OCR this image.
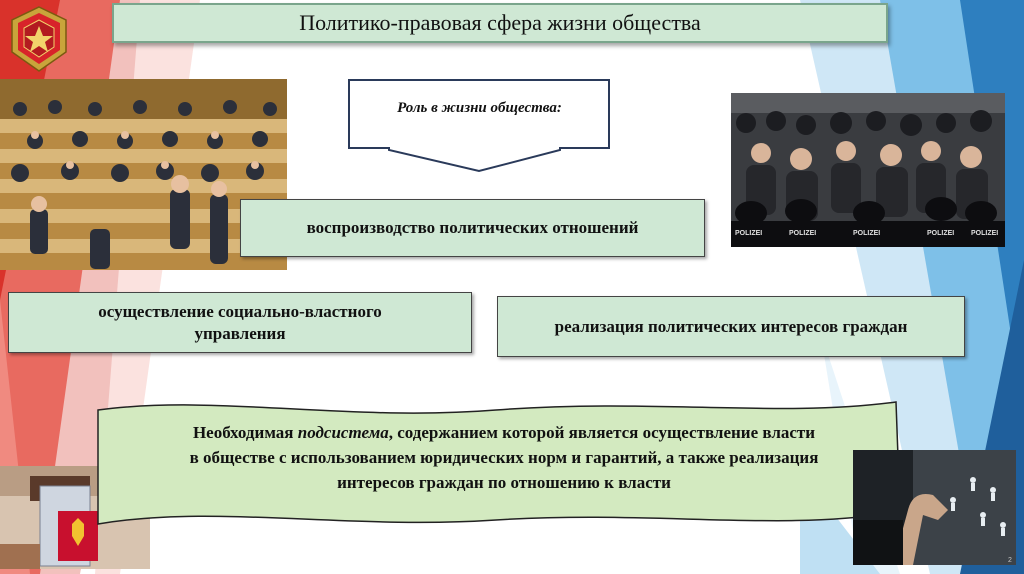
Политико-правовая сфера жизни общества
Роль в жизни общества:
POLIZEI	POLIZEI	POLIZEI	POLIZEI POLIZEI
воспроизводство политических отношений
осуществление социально-властного
управления	реализация политических интересов граждан
Необходимая подсистема, содержанием которой является осуществление власти
в обществе с использованием юридических норм и гарантий, а также реализация
интересов граждан по отношению к власти
2
